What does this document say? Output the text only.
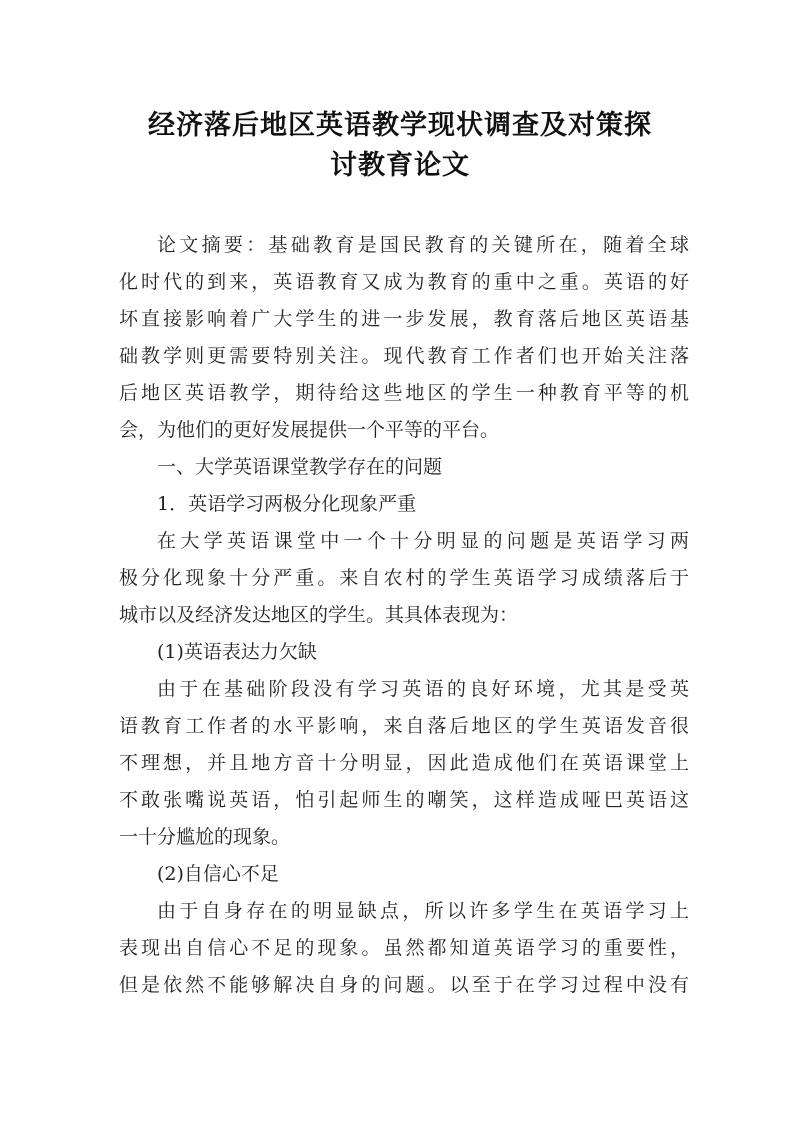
经济落后地区英语教学现状调查及对策探
讨教育论文
论文摘要：基础教育是国民教育的关键所在，随着全球
化时代的到来，英语教育又成为教育的重中之重。英语的好
坏直接影响着广大学生的进一步发展，教育落后地区英语基
础教学则更需要特别关注。现代教育工作者们也开始关注落
后地区英语教学，期待给这些地区的学生一种教育平等的机
会，为他们的更好发展提供一个平等的平台。
一、大学英语课堂教学存在的问题
1．英语学习两极分化现象严重
在大学英语课堂中一个十分明显的问题是英语学习两
极分化现象十分严重。来自农村的学生英语学习成绩落后于
城市以及经济发达地区的学生。其具体表现为：
(1)英语表达力欠缺
由于在基础阶段没有学习英语的良好环境，尤其是受英
语教育工作者的水平影响，来自落后地区的学生英语发音很
不理想，并且地方音十分明显，因此造成他们在英语课堂上
不敢张嘴说英语，怕引起师生的嘲笑，这样造成哑巴英语这
一十分尴尬的现象。
(2)自信心不足
由于自身存在的明显缺点，所以许多学生在英语学习上
表现出自信心不足的现象。虽然都知道英语学习的重要性，
但是依然不能够解决自身的问题。以至于在学习过程中没有
